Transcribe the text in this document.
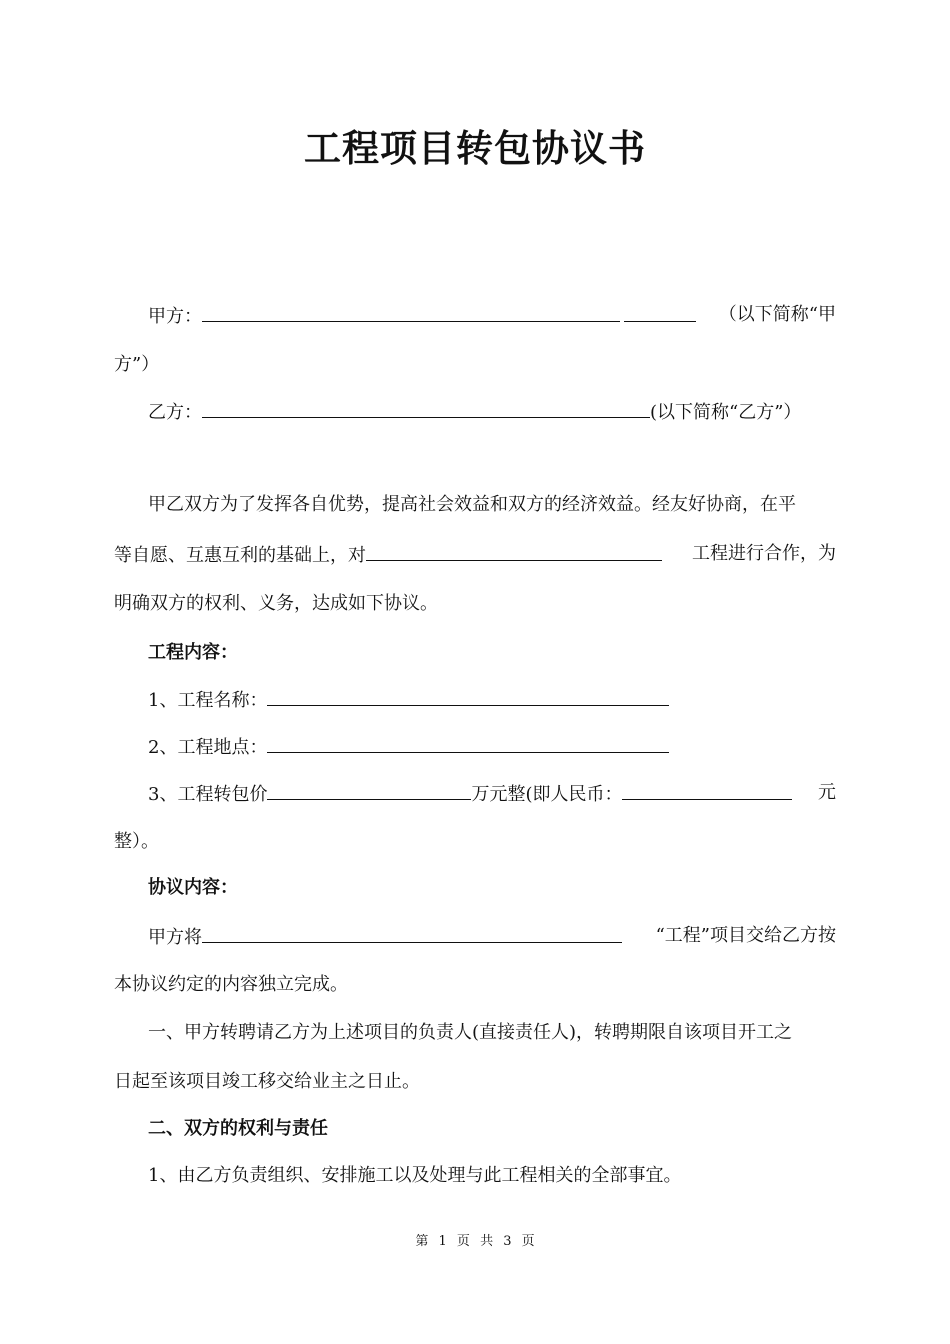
工程项目转包协议书

甲方：	（以下简称“甲

方”）

乙方：	(以下简称“乙方”）

甲乙双方为了发挥各自优势，提高社会效益和双方的经济效益。经友好协商，在平

等自愿、互惠互利的基础上，对	工程进行合作，为

明确双方的权利、义务，达成如下协议。

工程内容：

1、工程名称：

2、工程地点：

3、工程转包价	万元整(即人民币：	元

整）。

协议内容：

甲方将	“工程”项目交给乙方按

本协议约定的内容独立完成。

一、甲方转聘请乙方为上述项目的负责人(直接责任人)，转聘期限自该项目开工之

日起至该项目竣工移交给业主之日止。

二、双方的权利与责任

1、由乙方负责组织、安排施工以及处理与此工程相关的全部事宜。

第 1 页 共 3 页
